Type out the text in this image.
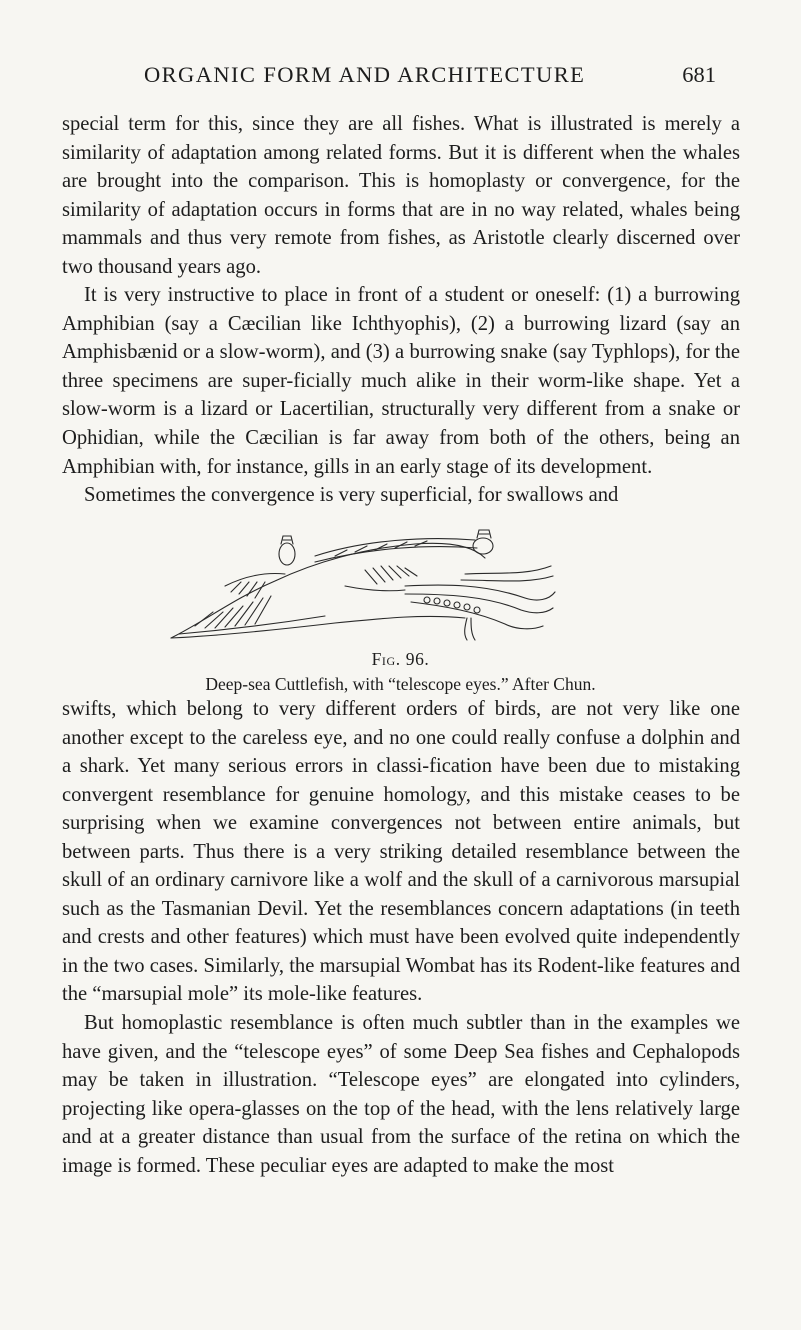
ORGANIC FORM AND ARCHITECTURE	681

special term for this, since they are all fishes. What is illustrated is merely a similarity of adaptation among related forms. But it is different when the whales are brought into the comparison. This is homoplasty or convergence, for the similarity of adaptation occurs in forms that are in no way related, whales being mammals and thus very remote from fishes, as Aristotle clearly discerned over two thousand years ago.

It is very instructive to place in front of a student or oneself: (1) a burrowing Amphibian (say a Cæcilian like Ichthyophis), (2) a burrowing lizard (say an Amphisbænid or a slow-worm), and (3) a burrowing snake (say Typhlops), for the three specimens are super-ficially much alike in their worm-like shape. Yet a slow-worm is a lizard or Lacertilian, structurally very different from a snake or Ophidian, while the Cæcilian is far away from both of the others, being an Amphibian with, for instance, gills in an early stage of its development.

Sometimes the convergence is very superficial, for swallows and

Fig. 96.
Deep-sea Cuttlefish, with “telescope eyes.” After Chun.

swifts, which belong to very different orders of birds, are not very like one another except to the careless eye, and no one could really confuse a dolphin and a shark. Yet many serious errors in classi-fication have been due to mistaking convergent resemblance for genuine homology, and this mistake ceases to be surprising when we examine convergences not between entire animals, but between parts. Thus there is a very striking detailed resemblance between the skull of an ordinary carnivore like a wolf and the skull of a carnivorous marsupial such as the Tasmanian Devil. Yet the resemblances concern adaptations (in teeth and crests and other features) which must have been evolved quite independently in the two cases. Similarly, the marsupial Wombat has its Rodent-like features and the “marsupial mole” its mole-like features.

But homoplastic resemblance is often much subtler than in the examples we have given, and the “telescope eyes” of some Deep Sea fishes and Cephalopods may be taken in illustration. “Telescope eyes” are elongated into cylinders, projecting like opera-glasses on the top of the head, with the lens relatively large and at a greater distance than usual from the surface of the retina on which the image is formed. These peculiar eyes are adapted to make the most
